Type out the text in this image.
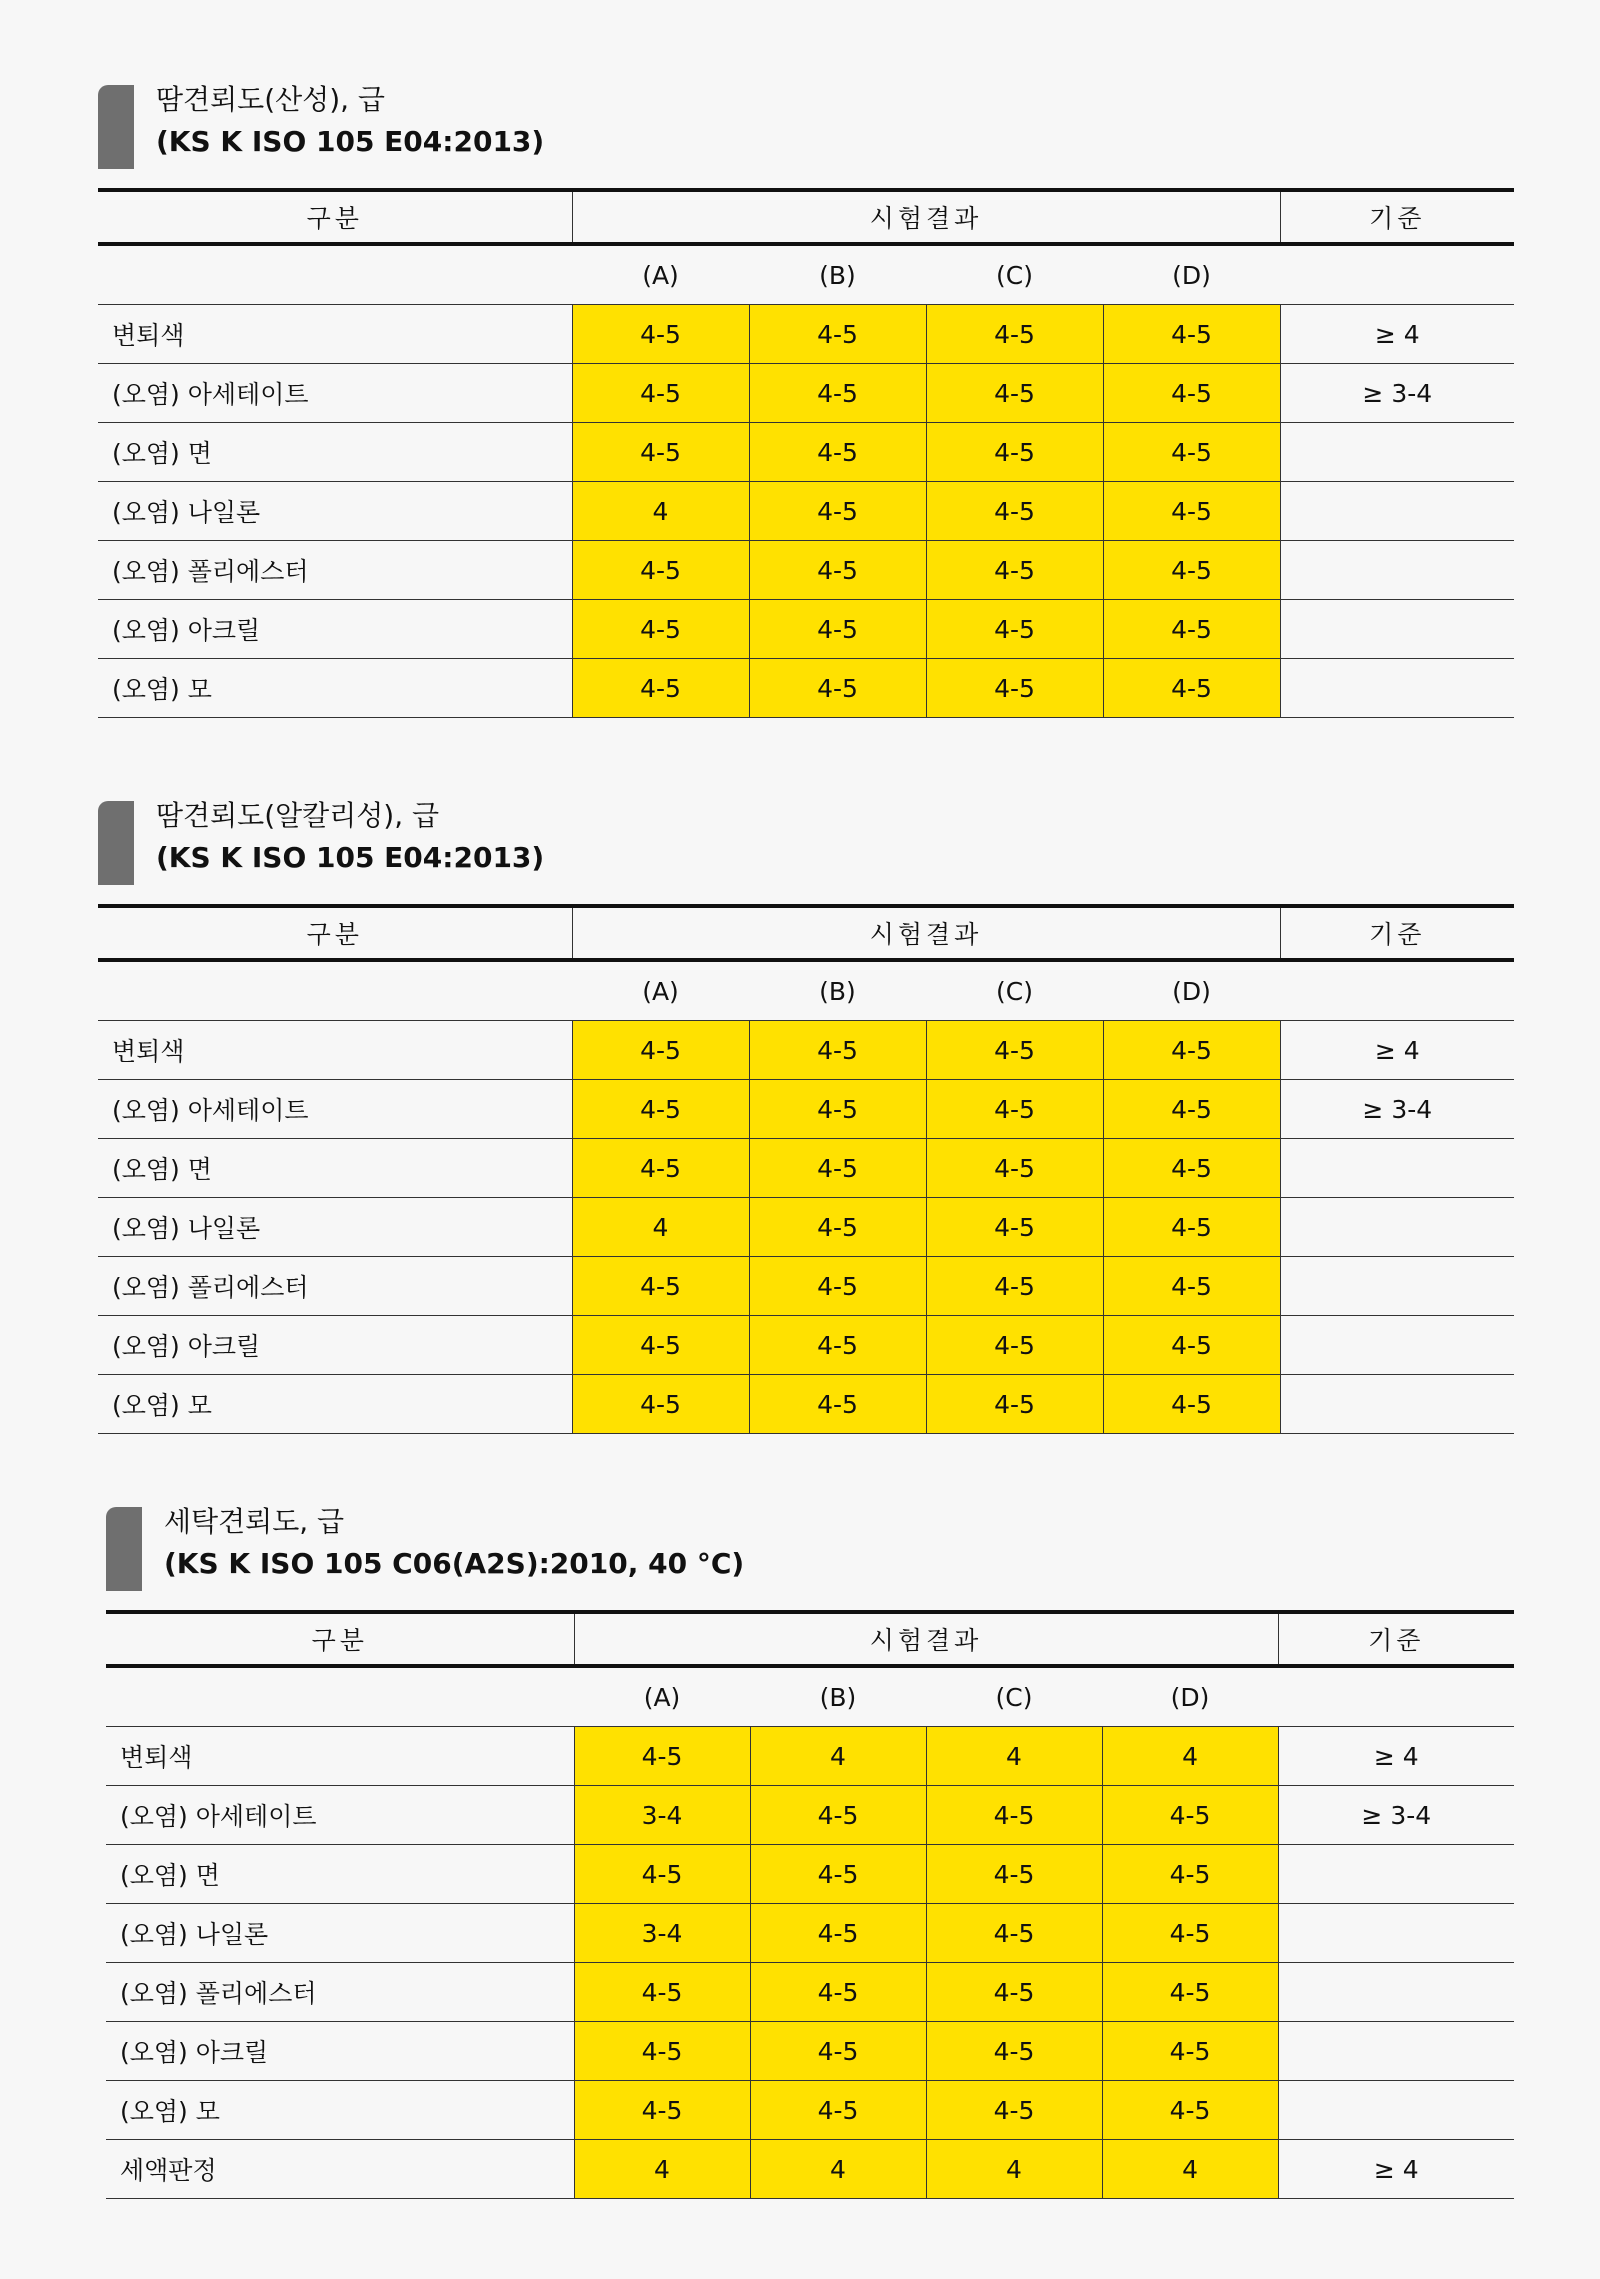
땀견뢰도(산성), 급
(KS K ISO 105 E04:2013)
구분	시험결과				기준
	(A)	(B)	(C)	(D)	
변퇴색	4-5	4-5	4-5	4-5	≥ 4
(오염) 아세테이트	4-5	4-5	4-5	4-5	≥ 3-4
(오염) 면	4-5	4-5	4-5	4-5	
(오염) 나일론	4	4-5	4-5	4-5	
(오염) 폴리에스터	4-5	4-5	4-5	4-5	
(오염) 아크릴	4-5	4-5	4-5	4-5	
(오염) 모	4-5	4-5	4-5	4-5	
땀견뢰도(알칼리성), 급
(KS K ISO 105 E04:2013)
구분	시험결과				기준
	(A)	(B)	(C)	(D)	
변퇴색	4-5	4-5	4-5	4-5	≥ 4
(오염) 아세테이트	4-5	4-5	4-5	4-5	≥ 3-4
(오염) 면	4-5	4-5	4-5	4-5	
(오염) 나일론	4	4-5	4-5	4-5	
(오염) 폴리에스터	4-5	4-5	4-5	4-5	
(오염) 아크릴	4-5	4-5	4-5	4-5	
(오염) 모	4-5	4-5	4-5	4-5	
세탁견뢰도, 급
(KS K ISO 105 C06(A2S):2010, 40 °C)
구분	시험결과				기준
	(A)	(B)	(C)	(D)	
변퇴색	4-5	4	4	4	≥ 4
(오염) 아세테이트	3-4	4-5	4-5	4-5	≥ 3-4
(오염) 면	4-5	4-5	4-5	4-5	
(오염) 나일론	3-4	4-5	4-5	4-5	
(오염) 폴리에스터	4-5	4-5	4-5	4-5	
(오염) 아크릴	4-5	4-5	4-5	4-5	
(오염) 모	4-5	4-5	4-5	4-5	
세액판정	4	4	4	4	≥ 4
